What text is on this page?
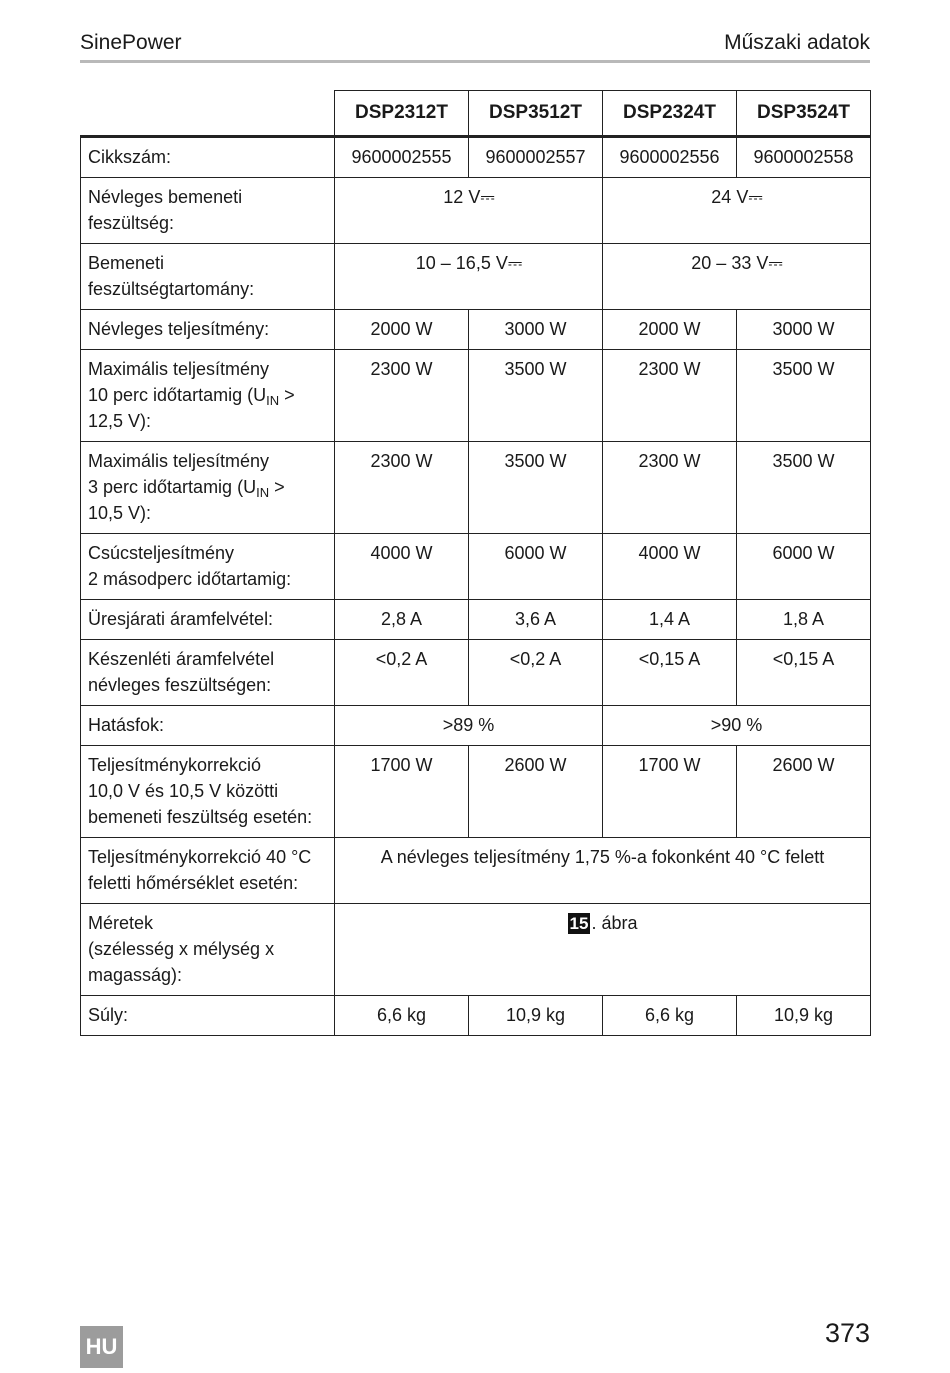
SinePower	Műszaki adatok
	DSP2312T	DSP3512T	DSP2324T	DSP3524T
Cikkszám:	9600002555	9600002557	9600002556	9600002558
Névleges bemeneti
feszültség:	12 V⎓		24 V⎓	
Bemeneti
feszültségtartomány:	10 – 16,5 V⎓		20 – 33 V⎓	
Névleges teljesítmény:	2000 W	3000 W	2000 W	3000 W
Maximális teljesítmény
10 perc időtartamig ($U_{IN}$ >
12,5 V):	2300 W	3500 W	2300 W	3500 W
Maximális teljesítmény
3 perc időtartamig ($U_{IN}$ >
10,5 V):	2300 W	3500 W	2300 W	3500 W
Csúcsteljesítmény
2 másodperc időtartamig:	4000 W	6000 W	4000 W	6000 W
Üresjárati áramfelvétel:	2,8 A	3,6 A	1,4 A	1,8 A
Készenléti áramfelvétel
névleges feszültségen:	<0,2 A	<0,2 A	<0,15 A	<0,15 A
Hatásfok:	>89 %		>90 %	
Teljesítménykorrekció
10,0 V és 10,5 V közötti
bemeneti feszültség esetén:	1700 W	2600 W	1700 W	2600 W
Teljesítménykorrekció 40 °C
feletti hőmérséklet esetén:	A névleges teljesítmény 1,75 %-a fokonként 40 °C felett			
Méretek
(szélesség x mélység x
magasság):	15 . ábra			
Súly:	6,6 kg	10,9 kg	6,6 kg	10,9 kg
HU	373
